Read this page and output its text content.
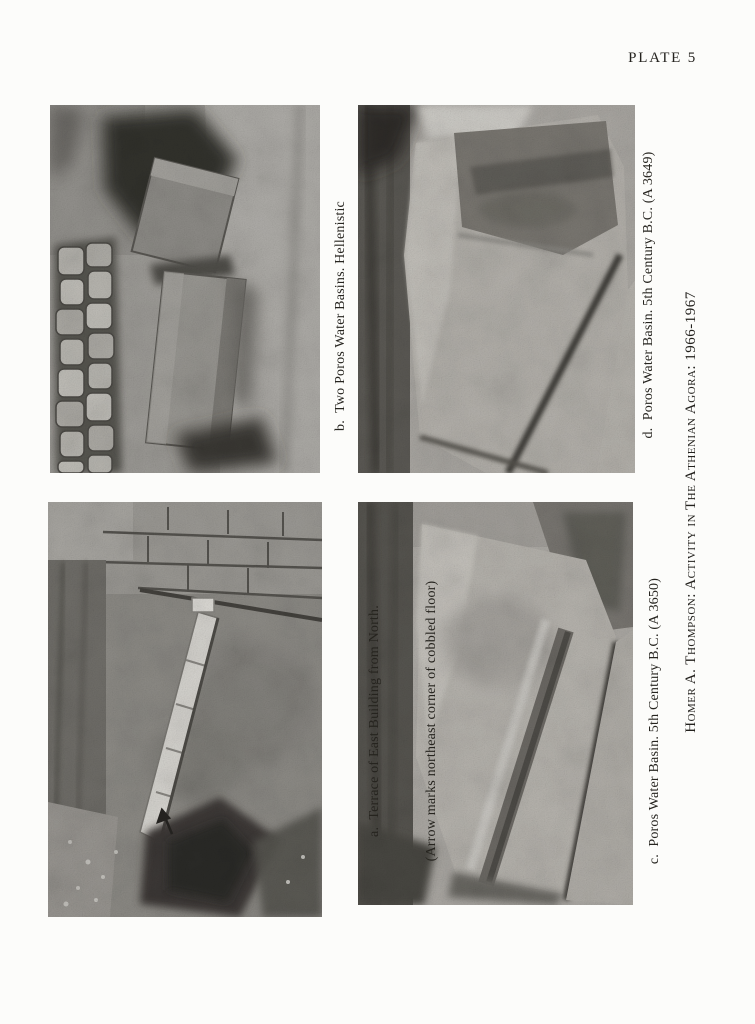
PLATE 5
b.  Two Poros Water Basins. Hellenistic	d.  Poros Water Basin. 5th Century B.C. (A 3649)

a.  Terrace of East Building from North.

	(Arrow marks northeast corner of cobbled floor)

	c.  Poros Water Basin. 5th Century B.C. (A 3650) Homer A. Thompson: Activity in The Athenian Agora: 1966-1967
